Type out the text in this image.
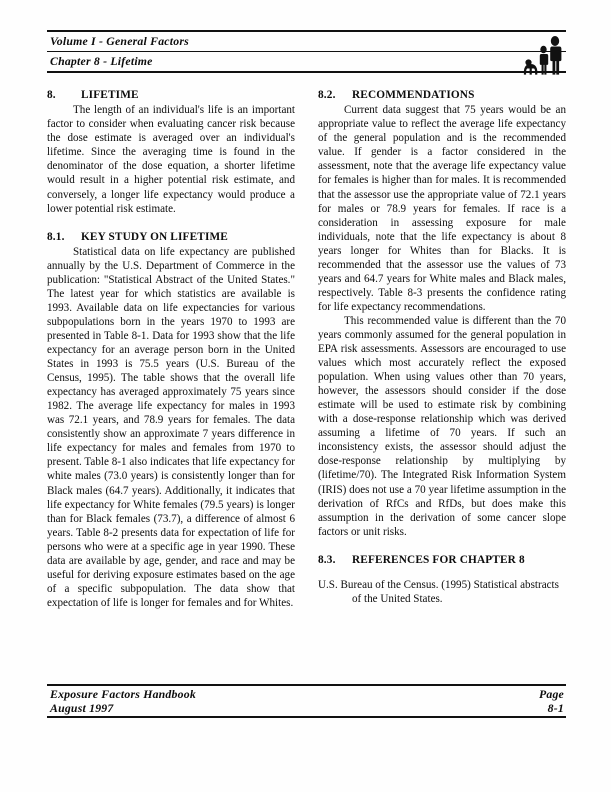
Volume I - General Factors
Chapter 8 - Lifetime
8.	LIFETIME

The length of an individual's life is an important factor to consider when evaluating cancer risk because the dose estimate is averaged over an individual's lifetime. Since the averaging time is found in the denominator of the dose equation, a shorter lifetime would result in a higher potential risk estimate, and conversely, a longer life expectancy would produce a lower potential risk estimate.

8.1.	KEY STUDY ON LIFETIME

Statistical data on life expectancy are published annually by the U.S. Department of Commerce in the publication: "Statistical Abstract of the United States." The latest year for which statistics are available is 1993. Available data on life expectancies for various subpopulations born in the years 1970 to 1993 are presented in Table 8-1. Data for 1993 show that the life expectancy for an average person born in the United States in 1993 is 75.5 years (U.S. Bureau of the Census, 1995). The table shows that the overall life expectancy has averaged approximately 75 years since 1982. The average life expectancy for males in 1993 was 72.1 years, and 78.9 years for females. The data consistently show an approximate 7 years difference in life expectancy for males and females from 1970 to present. Table 8-1 also indicates that life expectancy for white males (73.0 years) is consistently longer than for Black males (64.7 years). Additionally, it indicates that life expectancy for White females (79.5 years) is longer than for Black females (73.7), a difference of almost 6 years. Table 8-2 presents data for expectation of life for persons who were at a specific age in year 1990. These data are available by age, gender, and race and may be useful for deriving exposure estimates based on the age of a specific subpopulation. The data show that expectation of life is longer for females and for Whites.

8.2.	RECOMMENDATIONS

Current data suggest that 75 years would be an appropriate value to reflect the average life expectancy of the general population and is the recommended value. If gender is a factor considered in the assessment, note that the average life expectancy value for females is higher than for males. It is recommended that the assessor use the appropriate value of 72.1 years for males or 78.9 years for females. If race is a consideration in assessing exposure for male individuals, note that the life expectancy is about 8 years longer for Whites than for Blacks. It is recommended that the assessor use the values of 73 years and 64.7 years for White males and Black males, respectively. Table 8-3 presents the confidence rating for life expectancy recommendations.

This recommended value is different than the 70 years commonly assumed for the general population in EPA risk assessments. Assessors are encouraged to use values which most accurately reflect the exposed population. When using values other than 70 years, however, the assessors should consider if the dose estimate will be used to estimate risk by combining with a dose-response relationship which was derived assuming a lifetime of 70 years. If such an inconsistency exists, the assessor should adjust the dose-response relationship by multiplying by (lifetime/70). The Integrated Risk Information System (IRIS) does not use a 70 year lifetime assumption in the derivation of RfCs and RfDs, but does make this assumption in the derivation of some cancer slope factors or unit risks.

8.3.	REFERENCES FOR CHAPTER 8

U.S. Bureau of the Census. (1995) Statistical abstracts of the United States.

Exposure Factors Handbook
August 1997
Page
8-1
